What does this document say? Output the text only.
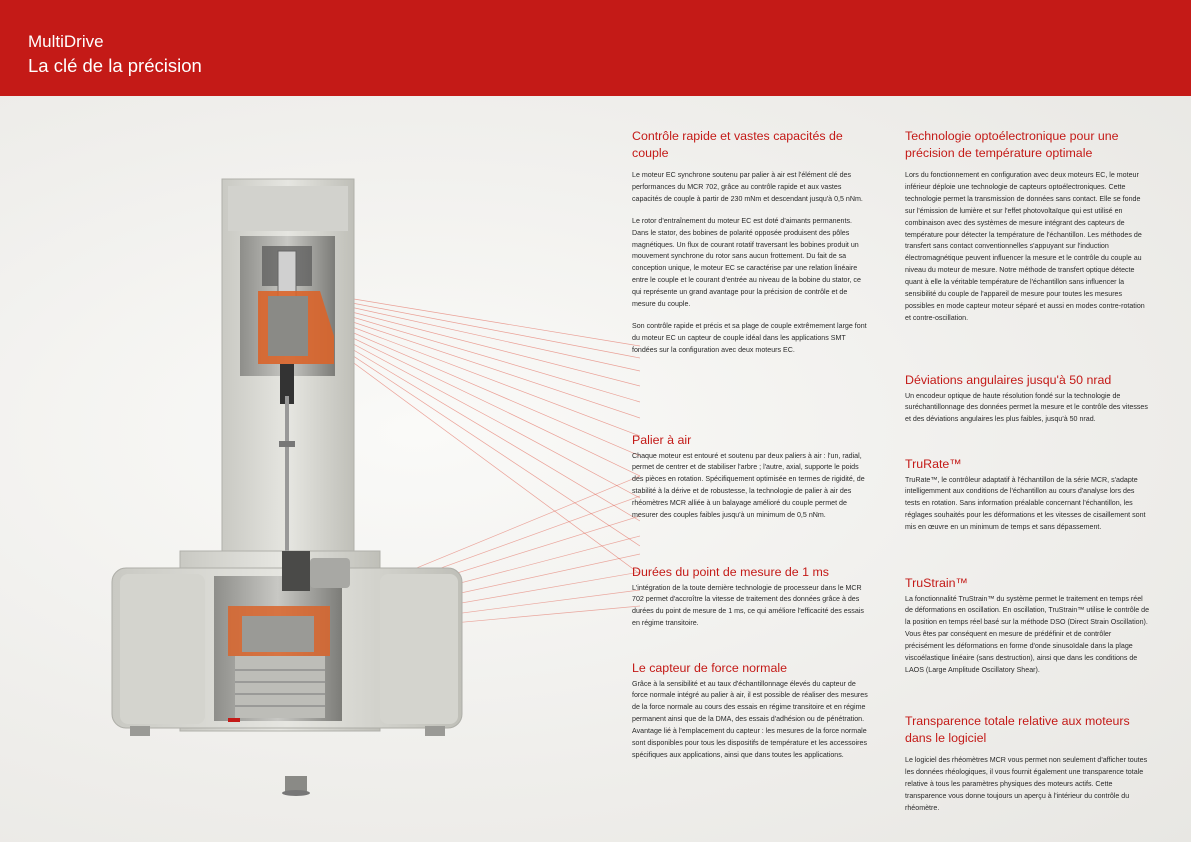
MultiDrive
La clé de la précision
Contrôle rapide et vastes capacités de couple

Le moteur EC synchrone soutenu par palier à air est l'élément clé des performances du MCR 702, grâce au contrôle rapide et aux vastes capacités de couple à partir de 230 mNm et descendant jusqu'à 0,5 nNm.

Le rotor d'entraînement du moteur EC est doté d'aimants permanents. Dans le stator, des bobines de polarité opposée produisent des pôles magnétiques. Un flux de courant rotatif traversant les bobines produit un mouvement synchrone du rotor sans aucun frottement. Du fait de sa conception unique, le moteur EC se caractérise par une relation linéaire entre le couple et le courant d'entrée au niveau de la bobine du stator, ce qui représente un grand avantage pour la précision de contrôle et de mesure du couple.

Son contrôle rapide et précis et sa plage de couple extrêmement large font du moteur EC un capteur de couple idéal dans les applications SMT fondées sur la configuration avec deux moteurs EC.

Palier à air

Chaque moteur est entouré et soutenu par deux paliers à air : l'un, radial, permet de centrer et de stabiliser l'arbre ; l'autre, axial, supporte le poids des pièces en rotation. Spécifiquement optimisée en termes de rigidité, de stabilité à la dérive et de robustesse, la technologie de palier à air des rhéomètres MCR alliée à un balayage amélioré du couple permet de mesurer des couples faibles jusqu'à un minimum de 0,5 nNm.

Durées du point de mesure de 1 ms

L'intégration de la toute dernière technologie de processeur dans le MCR 702 permet d'accroître la vitesse de traitement des données grâce à des durées du point de mesure de 1 ms, ce qui améliore l'efficacité des essais en régime transitoire.

Le capteur de force normale

Grâce à la sensibilité et au taux d'échantillonnage élevés du capteur de force normale intégré au palier à air, il est possible de réaliser des mesures de la force normale au cours des essais en régime transitoire et en régime permanent ainsi que de la DMA, des essais d'adhésion ou de pénétration. Avantage lié à l'emplacement du capteur : les mesures de la force normale sont disponibles pour tous les dispositifs de température et les accessoires spécifiques aux applications, ainsi que dans toutes les applications.

Technologie optoélectronique pour une précision de température optimale

Lors du fonctionnement en configuration avec deux moteurs EC, le moteur inférieur déploie une technologie de capteurs optoélectroniques. Cette technologie permet la transmission de données sans contact. Elle se fonde sur l'émission de lumière et sur l'effet photovoltaïque qui est utilisé en combinaison avec des systèmes de mesure intégrant des capteurs de température pour détecter la température de l'échantillon. Les méthodes de transfert sans contact conventionnelles s'appuyant sur l'induction électromagnétique peuvent influencer la mesure et le contrôle du couple au niveau du moteur de mesure. Notre méthode de transfert optique détecte quant à elle la véritable température de l'échantillon sans influencer la sensibilité du couple de l'appareil de mesure pour toutes les mesures possibles en mode capteur moteur séparé et aussi en modes contre-rotation et contre-oscillation.

Déviations angulaires jusqu'à 50 nrad

Un encodeur optique de haute résolution fondé sur la technologie de suréchantillonnage des données permet la mesure et le contrôle des vitesses et des déviations angulaires les plus faibles, jusqu'à 50 nrad.

TruRate™

TruRate™, le contrôleur adaptatif à l'échantillon de la série MCR, s'adapte intelligemment aux conditions de l'échantillon au cours d'analyse lors des tests en rotation. Sans information préalable concernant l'échantillon, les réglages souhaités pour les déformations et les vitesses de cisaillement sont mis en œuvre en un minimum de temps et sans dépassement.

TruStrain™

La fonctionnalité TruStrain™ du système permet le traitement en temps réel de déformations en oscillation. En oscillation, TruStrain™ utilise le contrôle de la position en temps réel basé sur la méthode DSO (Direct Strain Oscillation). Vous êtes par conséquent en mesure de prédéfinir et de contrôler précisément les déformations en forme d'onde sinusoïdale dans la plage viscoélastique linéaire (sans destruction), ainsi que dans les conditions de LAOS (Large Amplitude Oscillatory Shear).

Transparence totale relative aux moteurs dans le logiciel

Le logiciel des rhéomètres MCR vous permet non seulement d'afficher toutes les données rhéologiques, il vous fournit également une transparence totale relative à tous les paramètres physiques des moteurs actifs. Cette transparence vous donne toujours un aperçu à l'intérieur du contrôle du rhéomètre.
